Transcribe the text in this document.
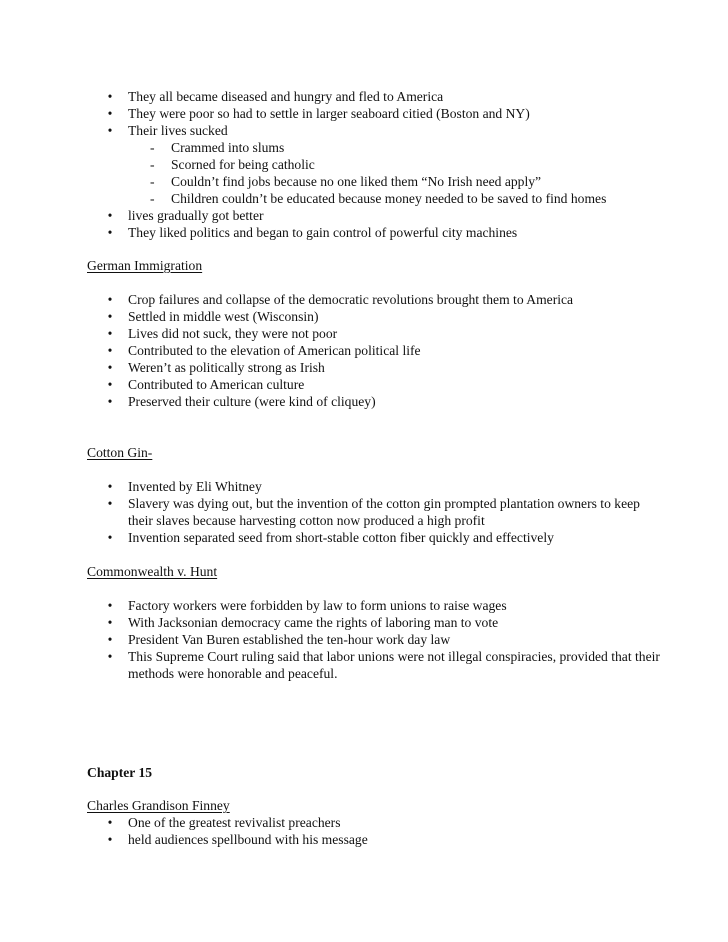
• They all became diseased and hungry and fled to America
• They were poor so had to settle in larger seaboard citied (Boston and NY)
• Their lives sucked
- Crammed into slums
- Scorned for being catholic
- Couldn’t find jobs because no one liked them “No Irish need apply”
- Children couldn’t be educated because money needed to be saved to find homes
• lives gradually got better
• They liked politics and began to gain control of powerful city machines
German Immigration
• Crop failures and collapse of the democratic revolutions brought them to America
• Settled in middle west (Wisconsin)
• Lives did not suck, they were not poor
• Contributed to the elevation of American political life
• Weren’t as politically strong as Irish
• Contributed to American culture
• Preserved their culture (were kind of cliquey)
Cotton Gin-
• Invented by Eli Whitney
• Slavery was dying out, but the invention of the cotton gin prompted plantation owners to keep their slaves because harvesting cotton now produced a high profit
• Invention separated seed from short-stable cotton fiber quickly and effectively
Commonwealth v. Hunt
• Factory workers were forbidden by law to form unions to raise wages
• With Jacksonian democracy came the rights of laboring man to vote
• President Van Buren established the ten-hour work day law
• This Supreme Court ruling said that labor unions were not illegal conspiracies, provided that their methods were honorable and peaceful.
Chapter 15
Charles Grandison Finney
• One of the greatest revivalist preachers
• held audiences spellbound with his message
